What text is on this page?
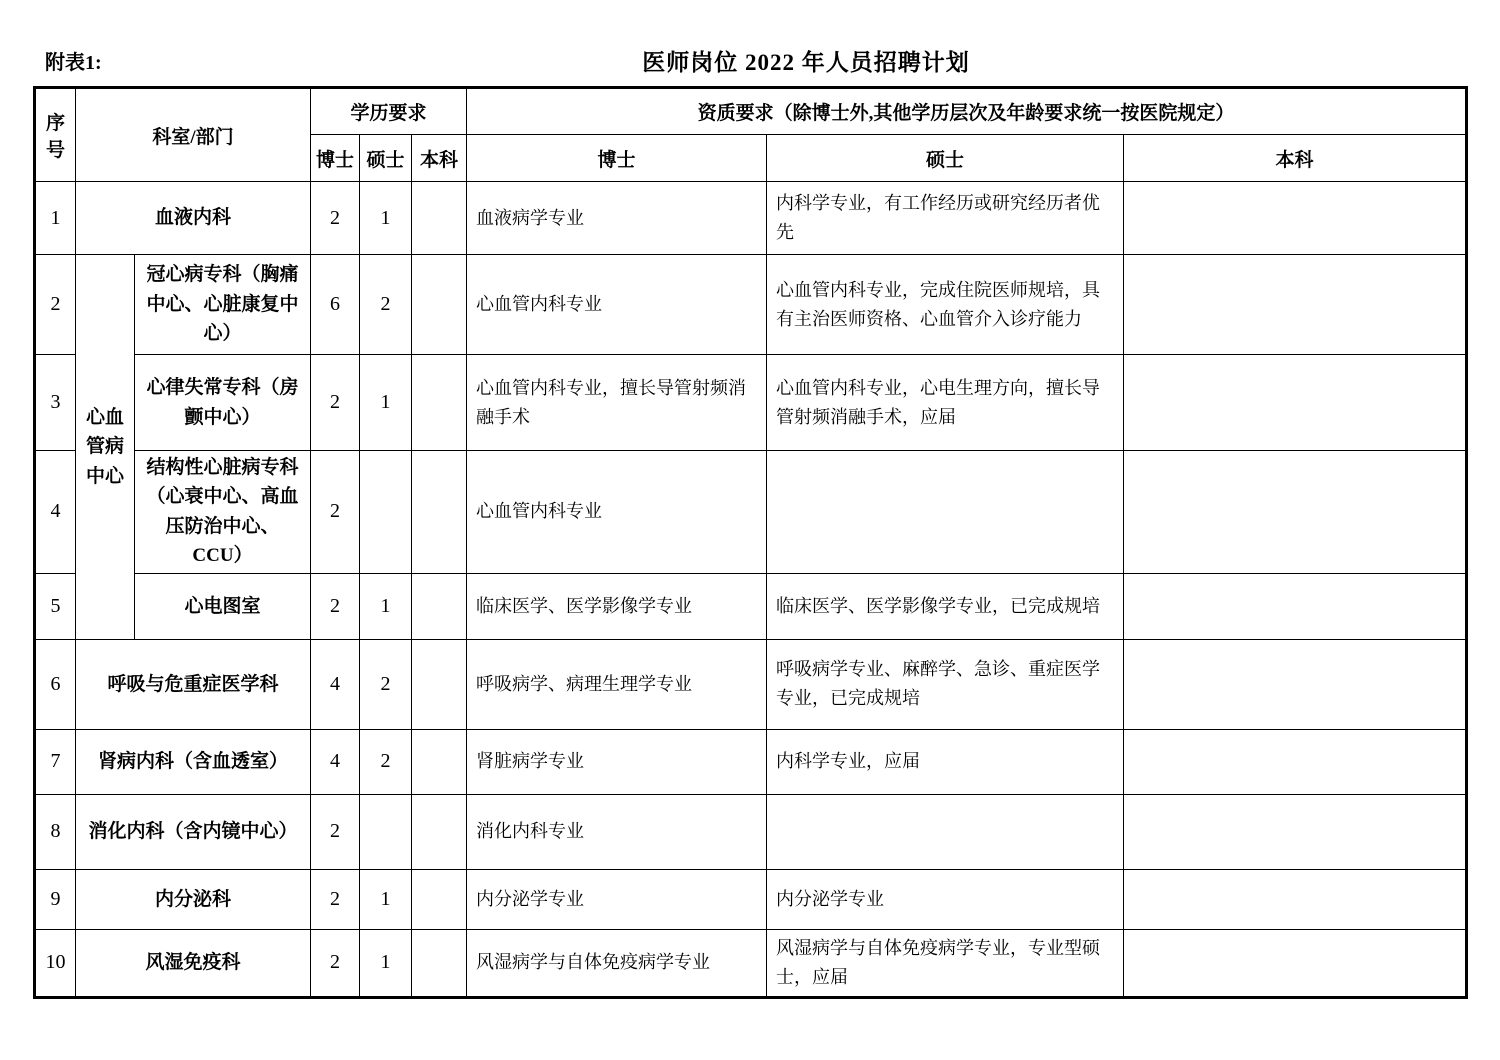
附表1:	医师岗位 2022 年人员招聘计划
序号	科室/部门		学历要求			资质要求（除博士外,其他学历层次及年龄要求统一按医院规定）		
			博士	硕士	本科	博士	硕士	本科
1	血液内科		2	1		血液病学专业	内科学专业，有工作经历或研究经历者优先	
2	心血管病中心	冠心病专科（胸痛中心、心脏康复中心）	6	2		心血管内科专业	心血管内科专业，完成住院医师规培，具有主治医师资格、心血管介入诊疗能力	
3		心律失常专科（房颤中心）	2	1		心血管内科专业，擅长导管射频消融手术	心血管内科专业，心电生理方向，擅长导管射频消融手术，应届	
4		结构性心脏病专科（心衰中心、高血压防治中心、CCU）	2			心血管内科专业		
5		心电图室	2	1		临床医学、医学影像学专业	临床医学、医学影像学专业，已完成规培	
6	呼吸与危重症医学科		4	2		呼吸病学、病理生理学专业	呼吸病学专业、麻醉学、急诊、重症医学专业，已完成规培	
7	肾病内科（含血透室）		4	2		肾脏病学专业	内科学专业，应届	
8	消化内科（含内镜中心）		2			消化内科专业		
9	内分泌科		2	1		内分泌学专业	内分泌学专业	
10	风湿免疫科		2	1		风湿病学与自体免疫病学专业	风湿病学与自体免疫病学专业，专业型硕士，应届	
